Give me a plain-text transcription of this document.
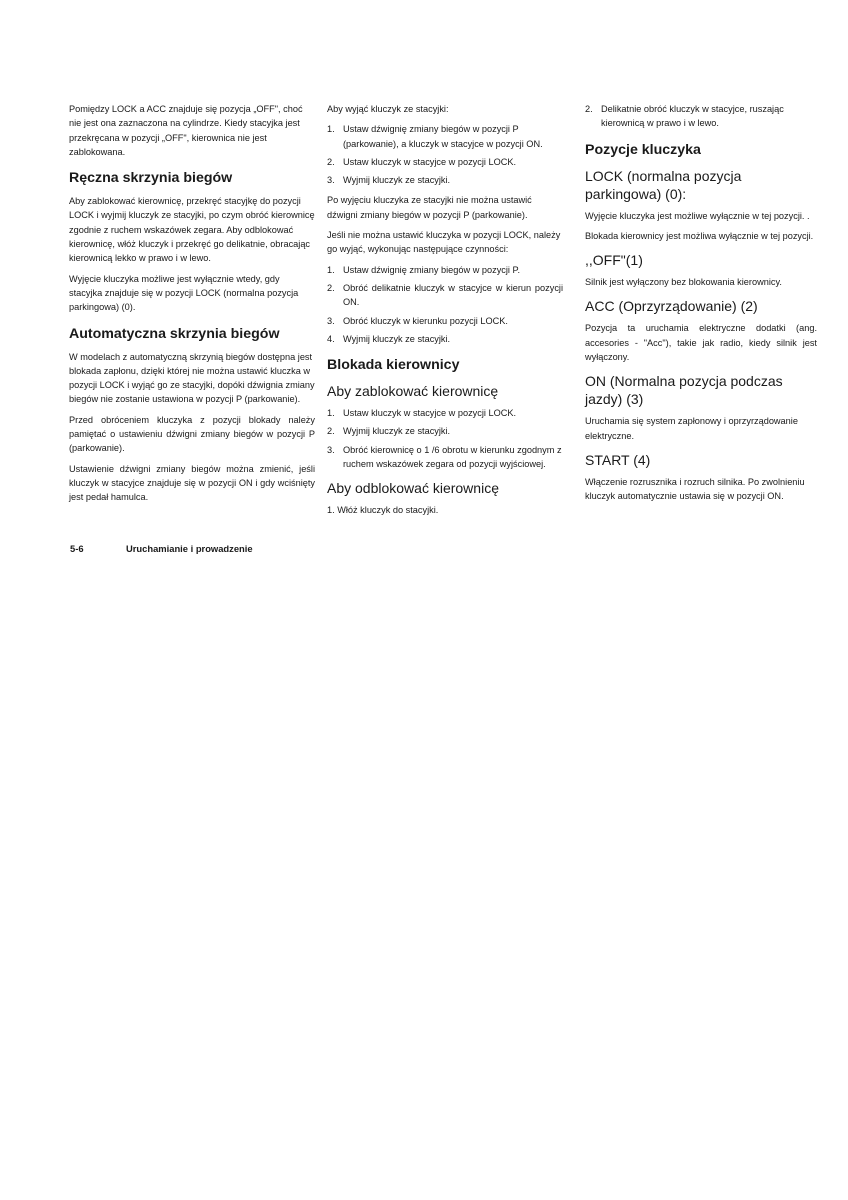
Pomiędzy LOCK a ACC znajduje się pozycja „OFF", choć nie jest ona zaznaczona na cylindrze. Kiedy stacyjka jest przekręcana w pozycji „OFF", kierownica nie jest zablokowana.

Ręczna skrzynia biegów

Aby zablokować kierownicę, przekręć stacyjkę do pozycji LOCK i wyjmij kluczyk ze stacyjki, po czym obróć kierownicę zgodnie z ruchem wskazówek zegara. Aby odblokować kierownicę, włóż kluczyk i przekręć go delikatnie, obracając kierownicą lekko w prawo i w lewo.

Wyjęcie kluczyka możliwe jest wyłącznie wtedy, gdy stacyjka znajduje się w pozycji LOCK (normalna pozycja parkingowa) (0).

Automatyczna skrzynia biegów

W modelach z automatyczną skrzynią biegów dostępna jest blokada zapłonu, dzięki której nie można ustawić kluczka w pozycji LOCK i wyjąć go ze stacyjki, dopóki dźwignia zmiany biegów nie zostanie ustawiona w pozycji P (parkowanie).

Przed obróceniem kluczyka z pozycji blokady należy pamiętać o ustawieniu dźwigni zmiany biegów w pozycji P (parkowanie).

Ustawienie dźwigni zmiany biegów można zmienić, jeśli kluczyk w stacyjce znajduje się w pozycji ON i gdy wciśnięty jest pedał hamulca.

Aby wyjąć kluczyk ze stacyjki:

1. Ustaw dźwignię zmiany biegów w pozycji P (parkowanie), a kluczyk w stacyjce w pozycji ON.
2. Ustaw kluczyk w stacyjce w pozycji LOCK.
3. Wyjmij kluczyk ze stacyjki.

Po wyjęciu kluczyka ze stacyjki nie można ustawić dźwigni zmiany biegów w pozycji P (parkowanie).

Jeśli nie można ustawić kluczyka w pozycji LOCK, należy go wyjąć, wykonując następujące czynności:

1. Ustaw dźwignię zmiany biegów w pozycji P.
2. Obróć delikatnie kluczyk w stacyjce w kierun pozycji ON.
3. Obróć kluczyk w kierunku pozycji LOCK.
4. Wyjmij kluczyk ze stacyjki.
Blokada kierownicy
Aby zablokować kierownicę
1. Ustaw kluczyk w stacyjce w pozycji LOCK.
2. Wyjmij kluczyk ze stacyjki.
3. Obróć kierownicę o 1 /6 obrotu w kierunku zgodnym z ruchem wskazówek zegara od pozycji wyjściowej.
Aby odblokować kierownicę

1. Włóż kluczyk do stacyjki.

2. Delikatnie obróć kluczyk w stacyjce, ruszając kierownicą w prawo i w lewo.
Pozycje kluczyka
LOCK (normalna pozycja parkingowa) (0):

Wyjęcie kluczyka jest możliwe wyłącznie w tej pozycji. .

Blokada kierownicy jest możliwa wyłącznie w tej pozycji.

,,OFF"(1)

Silnik jest wyłączony bez blokowania kierownicy.

ACC (Oprzyrządowanie) (2)

Pozycja ta uruchamia elektryczne dodatki (ang. accesories - "Acc"), takie jak radio, kiedy silnik jest wyłączony.

ON (Normalna pozycja podczas jazdy) (3)

Uruchamia się system zapłonowy i oprzyrządowanie elektryczne.

START (4)

Włączenie rozrusznika i rozruch silnika. Po zwolnieniu kluczyk automatycznie ustawia się w pozycji ON.

5-6	Uruchamianie i prowadzenie
